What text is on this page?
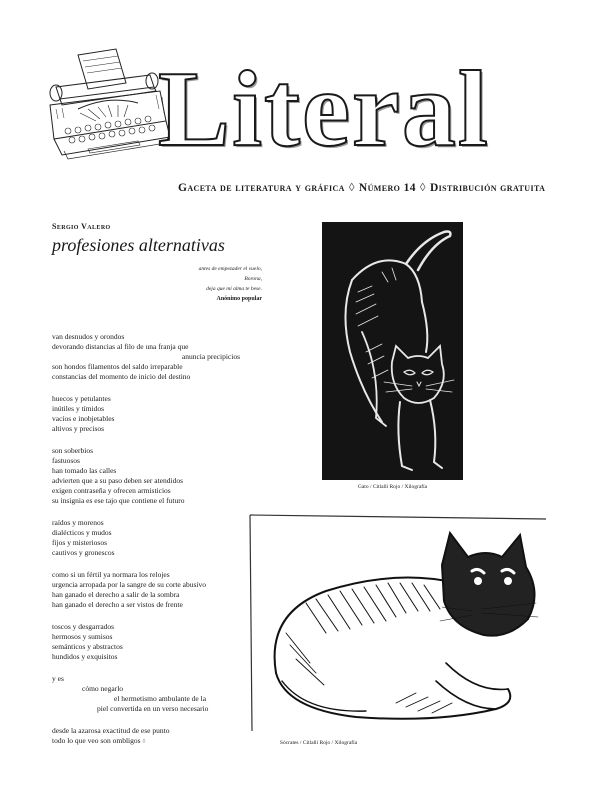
Literal
Gaceta de literatura y gráfica ◊ Número 14 ◊ Distribución gratuita
Sergio Valero
profesiones alternativas
antes de empezader el vuelo,
Borona,
deja que mi alma te bese.
Anónimo popular
van desnudos y orondos
devorando distancias al filo de una franja que
anuncia precipicios
son hondos filamentos del saldo irreparable
constancias del momento de inicio del destino
huecos y petulantes
inútiles y tímidos
vacíos e inobjetables
altivos y precisos
son soberbios
fastuosos
han tomado las calles
advierten que a su paso deben ser atendidos
exigen contraseña y ofrecen armisticios
su insignia es ese tajo que contiene el futuro
raídos y morenos
dialécticos y mudos
fijos y misteriosos
cautivos y gronescos
como si un fértil ya normara los relojes
urgencia arropada por la sangre de su corte abusivo
han ganado el derecho a salir de la sombra
han ganado el derecho a ser vistos de frente
toscos y desgarrados
hermosos y sumisos
semánticos y abstractos
hundidos y exquisitos
y es
cómo negarlo
el hermetismo ambulante de la
piel convertida en un verso necesario
desde la azarosa exactitud de ese punto
todo lo que veo son ombligos ◊
Gato / Citlalli Rojo / Xilografía
Sócrates / Citlalli Rojo / Xilografía
